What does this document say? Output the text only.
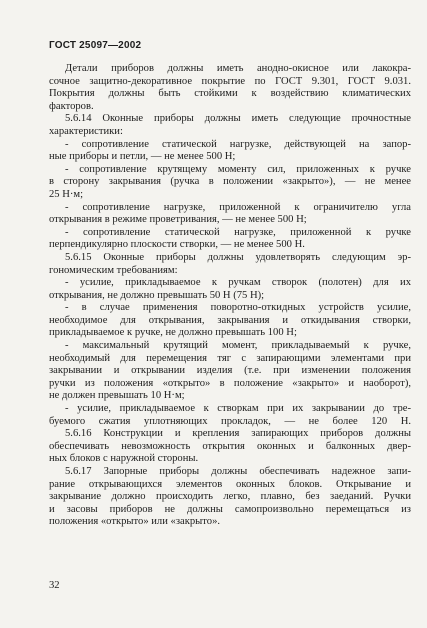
ГОСТ 25097—2002
Детали приборов должны иметь анодно-окисное или лакокра-
сочное защитно-декоративное покрытие по ГОСТ 9.301, ГОСТ 9.031.
Покрытия должны быть стойкими к воздействию климатических
факторов.
5.6.14 Оконные приборы должны иметь следующие прочностные
характеристики:
- сопротивление статической нагрузке, действующей на запор-
ные приборы и петли, — не менее 500 Н;
- сопротивление крутящему моменту сил, приложенных к ручке
в сторону закрывания (ручка в положении «закрыто»), — не менее
25 Н·м;
- сопротивление нагрузке, приложенной к ограничителю угла
открывания в режиме проветривания, — не менее 500 Н;
- сопротивление статической нагрузке, приложенной к ручке
перпендикулярно плоскости створки, — не менее 500 Н.
5.6.15 Оконные приборы должны удовлетворять следующим эр-
гономическим требованиям:
- усилие, прикладываемое к ручкам створок (полотен) для их
открывания, не должно превышать 50 Н (75 Н);
- в случае применения поворотно-откидных устройств усилие,
необходимое для открывания, закрывания и откидывания створки,
прикладываемое к ручке, не должно превышать 100 Н;
- максимальный крутящий момент, прикладываемый к ручке,
необходимый для перемещения тяг с запирающими элементами при
закрывании и открывании изделия (т.е. при изменении положения
ручки из положения «открыто» в положение «закрыто» и наоборот),
не должен превышать 10 Н·м;
- усилие, прикладываемое к створкам при их закрывании до тре-
буемого сжатия уплотняющих прокладок, — не более 120 Н.
5.6.16 Конструкции и крепления запирающих приборов должны
обеспечивать невозможность открытия оконных и балконных двер-
ных блоков с наружной стороны.
5.6.17 Запорные приборы должны обеспечивать надежное запи-
рание открывающихся элементов оконных блоков. Открывание и
закрывание должно происходить легко, плавно, без заеданий. Ручки
и засовы приборов не должны самопроизвольно перемещаться из
положения «открыто» или «закрыто».
32
